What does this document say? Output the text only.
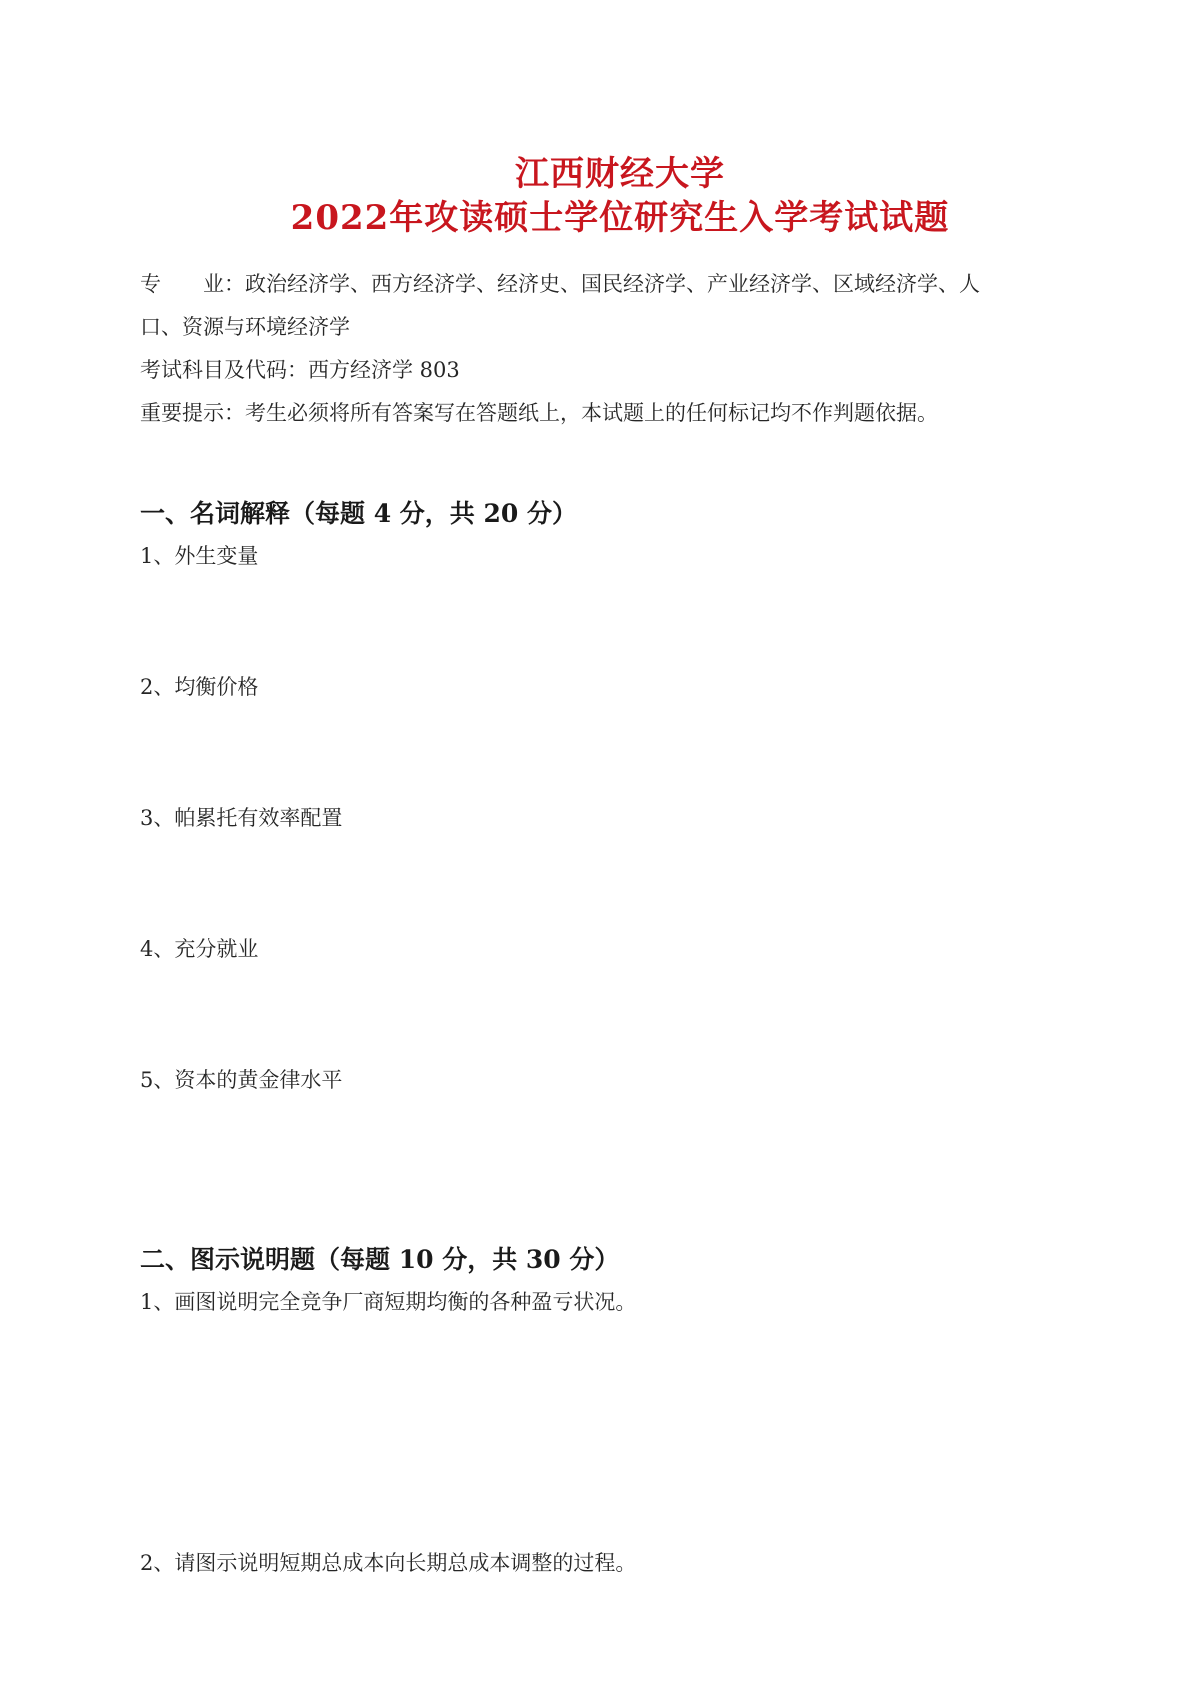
江西财经大学
2022年攻读硕士学位研究生入学考试试题
专 业：政治经济学、西方经济学、经济史、国民经济学、产业经济学、区域经济学、人
口、资源与环境经济学
考试科目及代码：西方经济学 803
重要提示：考生必须将所有答案写在答题纸上，本试题上的任何标记均不作判题依据。
一、名词解释（每题 4 分，共 20 分）
1、外生变量
2、均衡价格
3、帕累托有效率配置
4、充分就业
5、资本的黄金律水平
二、图示说明题（每题 10 分，共 30 分）
1、画图说明完全竞争厂商短期均衡的各种盈亏状况。
2、请图示说明短期总成本向长期总成本调整的过程。
